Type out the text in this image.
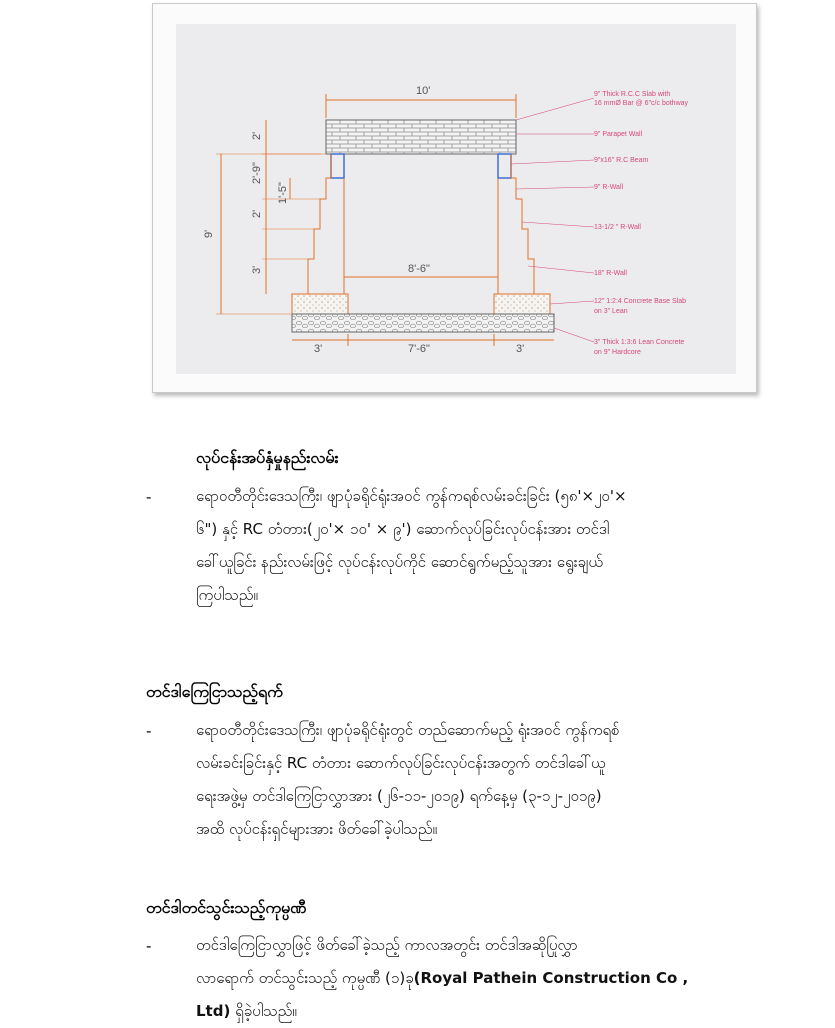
10'
8'-6"
3'	7'-6"	3'
9'
2'
2'-9"
2'
3'
1'-5"
9" Thick R.C.C Slab with
16 mmØ Bar @ 6"c/c bothway
9" Parapet Wall
9"x16" R.C Beam
9" R-Wall
13-1/2 " R-Wall
18" R-Wall
12" 1:2:4 Concrete Base Slab
on 3" Lean
3" Thick 1:3:6 Lean Concrete
on 9" Hardcore
လုပ်ငန်းအပ်နှံမှုနည်းလမ်း
-	ရောဝတီတိုင်းဒေသကြီး၊ ဖျာပုံခရိုင်ရုံးအဝင် ကွန်ကရစ်လမ်းခင်းခြင်း (၅၈'×၂၀'×
၆") နှင့် RC တံတား(၂၀'× ၁၀' × ၉') ဆောက်လုပ်ခြင်းလုပ်ငန်းအား တင်ဒါ
ခေါ်ယူခြင်း နည်းလမ်းဖြင့် လုပ်ငန်းလုပ်ကိုင် ဆောင်ရွက်မည့်သူအား ရွေးချယ်
ကြပါသည်။
တင်ဒါကြေငြာသည့်ရက်
-	ရောဝတီတိုင်းဒေသကြီး၊ ဖျာပုံခရိုင်ရုံးတွင် တည်ဆောက်မည့် ရုံးအဝင် ကွန်ကရစ်
လမ်းခင်းခြင်းနှင့် RC တံတား ဆောက်လုပ်ခြင်းလုပ်ငန်းအတွက် တင်ဒါခေါ်ယူ
ရေးအဖွဲ့မှ တင်ဒါကြေငြာလွှာအား (၂၆-၁၁-၂၀၁၉) ရက်နေ့မှ (၃-၁၂-၂၀၁၉)
အထိ လုပ်ငန်းရှင်များအား ဖိတ်ခေါ်ခဲ့ပါသည်။
တင်ဒါတင်သွင်းသည့်ကုမ္ပဏီ
-	တင်ဒါကြေငြာလွှာဖြင့် ဖိတ်ခေါ်ခဲ့သည့် ကာလအတွင်း တင်ဒါအဆိုပြုလွှာ
လာရောက် တင်သွင်းသည့် ကုမ္ပဏီ (၁)ခု(Royal Pathein Construction Co ,
Ltd) ရှိခဲ့ပါသည်။
